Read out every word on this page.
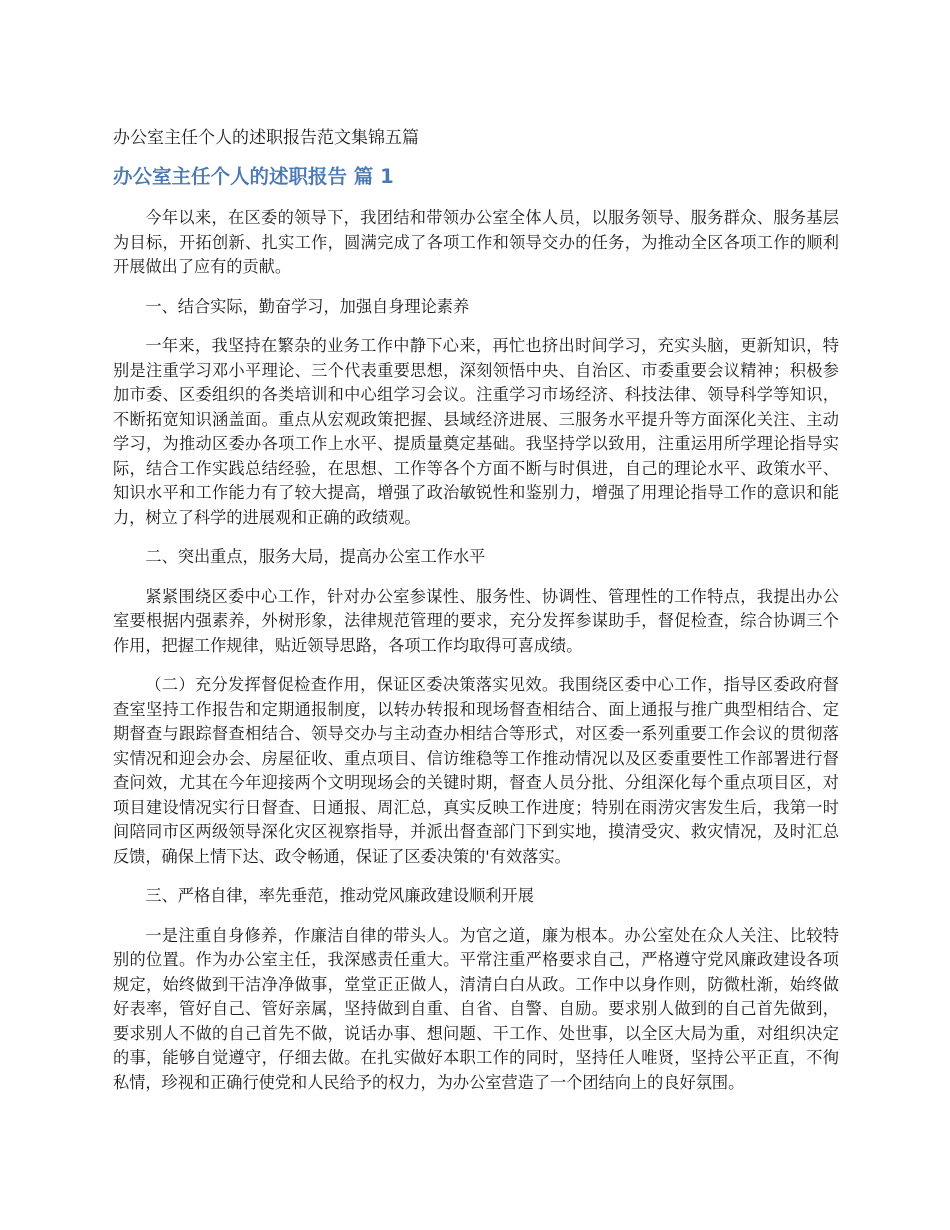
办公室主任个人的述职报告范文集锦五篇
办公室主任个人的述职报告 篇 1

今年以来，在区委的领导下，我团结和带领办公室全体人员，以服务领导、服务群众、服务基层为目标，开拓创新、扎实工作，圆满完成了各项工作和领导交办的任务，为推动全区各项工作的顺利开展做出了应有的贡献。

一、结合实际，勤奋学习，加强自身理论素养

一年来，我坚持在繁杂的业务工作中静下心来，再忙也挤出时间学习，充实头脑，更新知识，特别是注重学习邓小平理论、三个代表重要思想，深刻领悟中央、自治区、市委重要会议精神；积极参加市委、区委组织的各类培训和中心组学习会议。注重学习市场经济、科技法律、领导科学等知识，不断拓宽知识涵盖面。重点从宏观政策把握、县域经济进展、三服务水平提升等方面深化关注、主动学习，为推动区委办各项工作上水平、提质量奠定基础。我坚持学以致用，注重运用所学理论指导实际，结合工作实践总结经验，在思想、工作等各个方面不断与时俱进，自己的理论水平、政策水平、知识水平和工作能力有了较大提高，增强了政治敏锐性和鉴别力，增强了用理论指导工作的意识和能力，树立了科学的进展观和正确的政绩观。

二、突出重点，服务大局，提高办公室工作水平

紧紧围绕区委中心工作，针对办公室参谋性、服务性、协调性、管理性的工作特点，我提出办公室要根据内强素养，外树形象，法律规范管理的要求，充分发挥参谋助手，督促检查，综合协调三个作用，把握工作规律，贴近领导思路，各项工作均取得可喜成绩。

（二）充分发挥督促检查作用，保证区委决策落实见效。我围绕区委中心工作，指导区委政府督查室坚持工作报告和定期通报制度，以转办转报和现场督查相结合、面上通报与推广典型相结合、定期督查与跟踪督查相结合、领导交办与主动查办相结合等形式，对区委一系列重要工作会议的贯彻落实情况和迎会办会、房屋征收、重点项目、信访维稳等工作推动情况以及区委重要性工作部署进行督查问效，尤其在今年迎接两个文明现场会的关键时期，督查人员分批、分组深化每个重点项目区，对项目建设情况实行日督查、日通报、周汇总，真实反映工作进度；特别在雨涝灾害发生后，我第一时间陪同市区两级领导深化灾区视察指导，并派出督查部门下到实地，摸清受灾、救灾情况，及时汇总反馈，确保上情下达、政令畅通，保证了区委决策的'有效落实。

三、严格自律，率先垂范，推动党风廉政建设顺利开展

一是注重自身修养，作廉洁自律的带头人。为官之道，廉为根本。办公室处在众人关注、比较特别的位置。作为办公室主任，我深感责任重大。平常注重严格要求自己，严格遵守党风廉政建设各项规定，始终做到干洁净净做事，堂堂正正做人，清清白白从政。工作中以身作则，防微杜渐，始终做好表率，管好自己、管好亲属，坚持做到自重、自省、自警、自励。要求别人做到的自己首先做到，要求别人不做的自己首先不做，说话办事、想问题、干工作、处世事，以全区大局为重，对组织决定的事，能够自觉遵守，仔细去做。在扎实做好本职工作的同时，坚持任人唯贤，坚持公平正直，不徇私情，珍视和正确行使党和人民给予的权力，为办公室营造了一个团结向上的良好氛围。
